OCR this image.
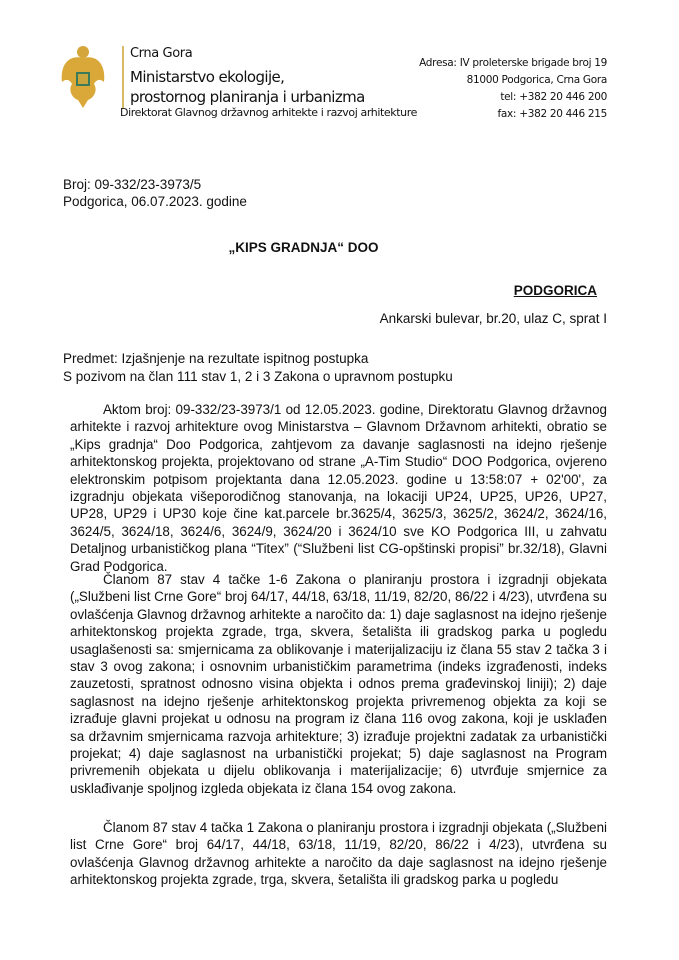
Crna Gora
Ministarstvo ekologije,
prostornog planiranja i urbanizma
Direktorat Glavnog državnog arhitekte i razvoj arhitekture
Adresa: IV proleterske brigade broj 19
81000 Podgorica, Crna Gora
tel: +382 20 446 200
fax: +382 20 446 215
Broj: 09-332/23-3973/5
Podgorica, 06.07.2023. godine
„KIPS GRADNJA“ DOO
PODGORICA
Ankarski bulevar, br.20, ulaz C, sprat I
Predmet: Izjašnjenje na rezultate ispitnog postupka
S pozivom na član 111 stav 1, 2 i 3 Zakona o upravnom postupku
Aktom broj: 09-332/23-3973/1 od 12.05.2023. godine, Direktoratu Glavnog državnog arhitekte i razvoj arhitekture ovog Ministarstva – Glavnom Državnom arhitekti, obratio se „Kips gradnja“ Doo Podgorica, zahtjevom za davanje saglasnosti na idejno rješenje arhitektonskog projekta, projektovano od strane „A-Tim Studio“ DOO Podgorica, ovjereno elektronskim potpisom projektanta dana 12.05.2023. godine u 13:58:07 + 02'00', za izgradnju objekata višeporodičnog stanovanja, na lokaciji UP24, UP25, UP26, UP27, UP28, UP29 i UP30 koje čine kat.parcele br.3625/4, 3625/3, 3625/2, 3624/2, 3624/16, 3624/5, 3624/18, 3624/6, 3624/9, 3624/20 i 3624/10 sve KO Podgorica III, u zahvatu Detaljnog urbanističkog plana “Titex” (“Službeni list CG-opštinski propisi” br.32/18), Glavni Grad Podgorica.
Članom 87 stav 4 tačke 1-6 Zakona o planiranju prostora i izgradnji objekata („Službeni list Crne Gore“ broj 64/17, 44/18, 63/18, 11/19, 82/20, 86/22 i 4/23), utvrđena su ovlašćenja Glavnog državnog arhitekte a naročito da: 1) daje saglasnost na idejno rješenje arhitektonskog projekta zgrade, trga, skvera, šetališta ili gradskog parka u pogledu usaglašenosti sa: smjernicama za oblikovanje i materijalizaciju iz člana 55 stav 2 tačka 3 i stav 3 ovog zakona; i osnovnim urbanističkim parametrima (indeks izgrađenosti, indeks zauzetosti, spratnost odnosno visina objekta i odnos prema građevinskoj liniji); 2) daje saglasnost na idejno rješenje arhitektonskog projekta privremenog objekta za koji se izrađuje glavni projekat u odnosu na program iz člana 116 ovog zakona, koji je usklađen sa državnim smjernicama razvoja arhitekture; 3) izrađuje projektni zadatak za urbanistički projekat; 4) daje saglasnost na urbanistički projekat; 5) daje saglasnost na Program privremenih objekata u dijelu oblikovanja i materijalizacije; 6) utvrđuje smjernice za usklađivanje spoljnog izgleda objekata iz člana 154 ovog zakona.
Članom 87 stav 4 tačka 1 Zakona o planiranju prostora i izgradnji objekata („Službeni list Crne Gore“ broj 64/17, 44/18, 63/18, 11/19, 82/20, 86/22 i 4/23), utvrđena su ovlašćenja Glavnog državnog arhitekte a naročito da daje saglasnost na idejno rješenje arhitektonskog projekta zgrade, trga, skvera, šetališta ili gradskog parka u pogledu
